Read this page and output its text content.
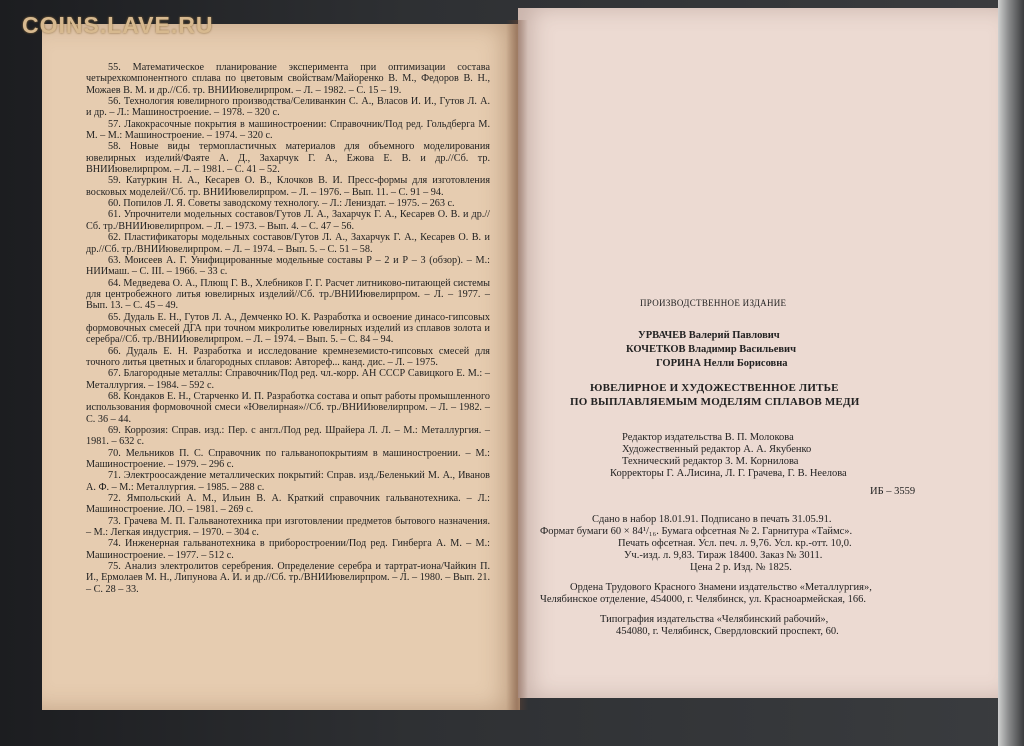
COINS.LAVE.RU

55. Математическое планирование эксперимента при оптимизации состава четырехкомпонентного сплава по цветовым свойствам/Майоренко В. М., Федоров В. Н., Можаев В. М. и др.//Сб. тр. ВНИИювелирпром. – Л. – 1982. – С. 15 – 19.

56. Технология ювелирного производства/Селиванкин С. А., Власов И. И., Гутов Л. А. и др. – Л.: Машиностроение. – 1978. – 320 с.

57. Лакокрасочные покрытия в машиностроении: Справочник/Под ред. Гольдберга М. М. – М.: Машиностроение. – 1974. – 320 с.

58. Новые виды термопластичных материалов для объемного моделирования ювелирных изделий/Фаяте А. Д., Захарчук Г. А., Ежова Е. В. и др.//Сб. тр. ВНИИювелирпром. – Л. – 1981. – С. 41 – 52.

59. Катуркин Н. А., Кесарев О. В., Клочков В. И. Пресс-формы для изготовления восковых моделей//Сб. тр. ВНИИювелирпром. – Л. – 1976. – Вып. 11. – С. 91 – 94.

60. Попилов Л. Я. Советы заводскому технологу. – Л.: Лениздат. – 1975. – 263 с.

61. Упрочнители модельных составов/Гутов Л. А., Захарчук Г. А., Кесарев О. В. и др.//Сб. тр./ВНИИювелирпром. – Л. – 1973. – Вып. 4. – С. 47 – 56.

62. Пластификаторы модельных составов/Гутов Л. А., Захарчук Г. А., Кесарев О. В. и др.//Сб. тр./ВНИИювелирпром. – Л. – 1974. – Вып. 5. – С. 51 – 58.

63. Моисеев А. Г. Унифицированные модельные составы Р – 2 и Р – 3 (обзор). – М.: НИИмаш. – С. III. – 1966. – 33 с.

64. Медведева О. А., Плющ Г. В., Хлебников Г. Г. Расчет литниково-питающей системы для центробежного литья ювелирных изделий//Сб. тр./ВНИИювелирпром. – Л. – 1977. – Вып. 13. – С. 45 – 49.

65. Дудаль Е. Н., Гутов Л. А., Демченко Ю. К. Разработка и освоение динасо-гипсовых формовочных смесей ДГА при точном микролитье ювелирных изделий из сплавов золота и серебра//Сб. тр./ВНИИювелирпром. – Л. – 1974. – Вып. 5. – С. 84 – 94.

66. Дудаль Е. Н. Разработка и исследование кремнеземисто-гипсовых смесей для точного литья цветных и благородных сплавов: Автореф... канд. дис. – Л. – 1975.

67. Благородные металлы: Справочник/Под ред. чл.-корр. АН СССР Савицкого Е. М.: – Металлургия. – 1984. – 592 с.

68. Кондаков Е. Н., Старченко И. П. Разработка состава и опыт работы промышленного использования формовочной смеси «Ювелирная»//Сб. тр./ВНИИювелирпром. – Л. – 1982. – С. 36 – 44.

69. Коррозия: Справ. изд.: Пер. с англ./Под ред. Шрайера Л. Л. – М.: Металлургия. – 1981. – 632 с.

70. Мельников П. С. Справочник по гальванопокрытиям в машиностроении. – М.: Машиностроение. – 1979. – 296 с.

71. Электроосаждение металлических покрытий: Справ. изд./Беленький М. А., Иванов А. Ф. – М.: Металлургия. – 1985. – 288 с.

72. Ямпольский А. М., Ильин В. А. Краткий справочник гальванотехника. – Л.: Машиностроение. ЛО. – 1981. – 269 с.

73. Грачева М. П. Гальванотехника при изготовлении предметов бытового назначения. – М.: Легкая индустрия. – 1970. – 304 с.

74. Инженерная гальванотехника в приборостроении/Под ред. Гинберга А. М. – М.: Машиностроение. – 1977. – 512 с.

75. Анализ электролитов серебрения. Определение серебра и тартрат-иона/Чайкин П. И., Ермолаев М. Н., Липунова А. И. и др.//Сб. тр./ВНИИювелирпром. – Л. – 1980. – Вып. 21. – С. 28 – 33.

ПРОИЗВОДСТВЕННОЕ ИЗДАНИЕ
УРВАЧЕВ Валерий Павлович
КОЧЕТКОВ Владимир Васильевич
ГОРИНА Нелли Борисовна
ЮВЕЛИРНОЕ И ХУДОЖЕСТВЕННОЕ ЛИТЬЕ
ПО ВЫПЛАВЛЯЕМЫМ МОДЕЛЯМ СПЛАВОВ МЕДИ
Редактор издательства В. П. Молокова
Художественный редактор А. А. Якубенко
Технический редактор З. М. Корнилова
Корректоры Г. А.Лисина, Л. Г. Грачева, Г. В. Неелова
ИБ – 3559
Сдано в набор 18.01.91. Подписано в печать 31.05.91.
Формат бумаги 60 × 84¹/₁₆. Бумага офсетная № 2. Гарнитура «Таймс».
Печать офсетная. Усл. печ. л. 9,76. Усл. кр.-отт. 10,0.
Уч.-изд. л. 9,83. Тираж 18400. Заказ № 3011.
Цена 2 р. Изд. № 1825.
Ордена Трудового Красного Знамени издательство «Металлургия»,
Челябинское отделение, 454000, г. Челябинск, ул. Красноармейская, 166.
Типография издательства «Челябинский рабочий»,
454080, г. Челябинск, Свердловский проспект, 60.
